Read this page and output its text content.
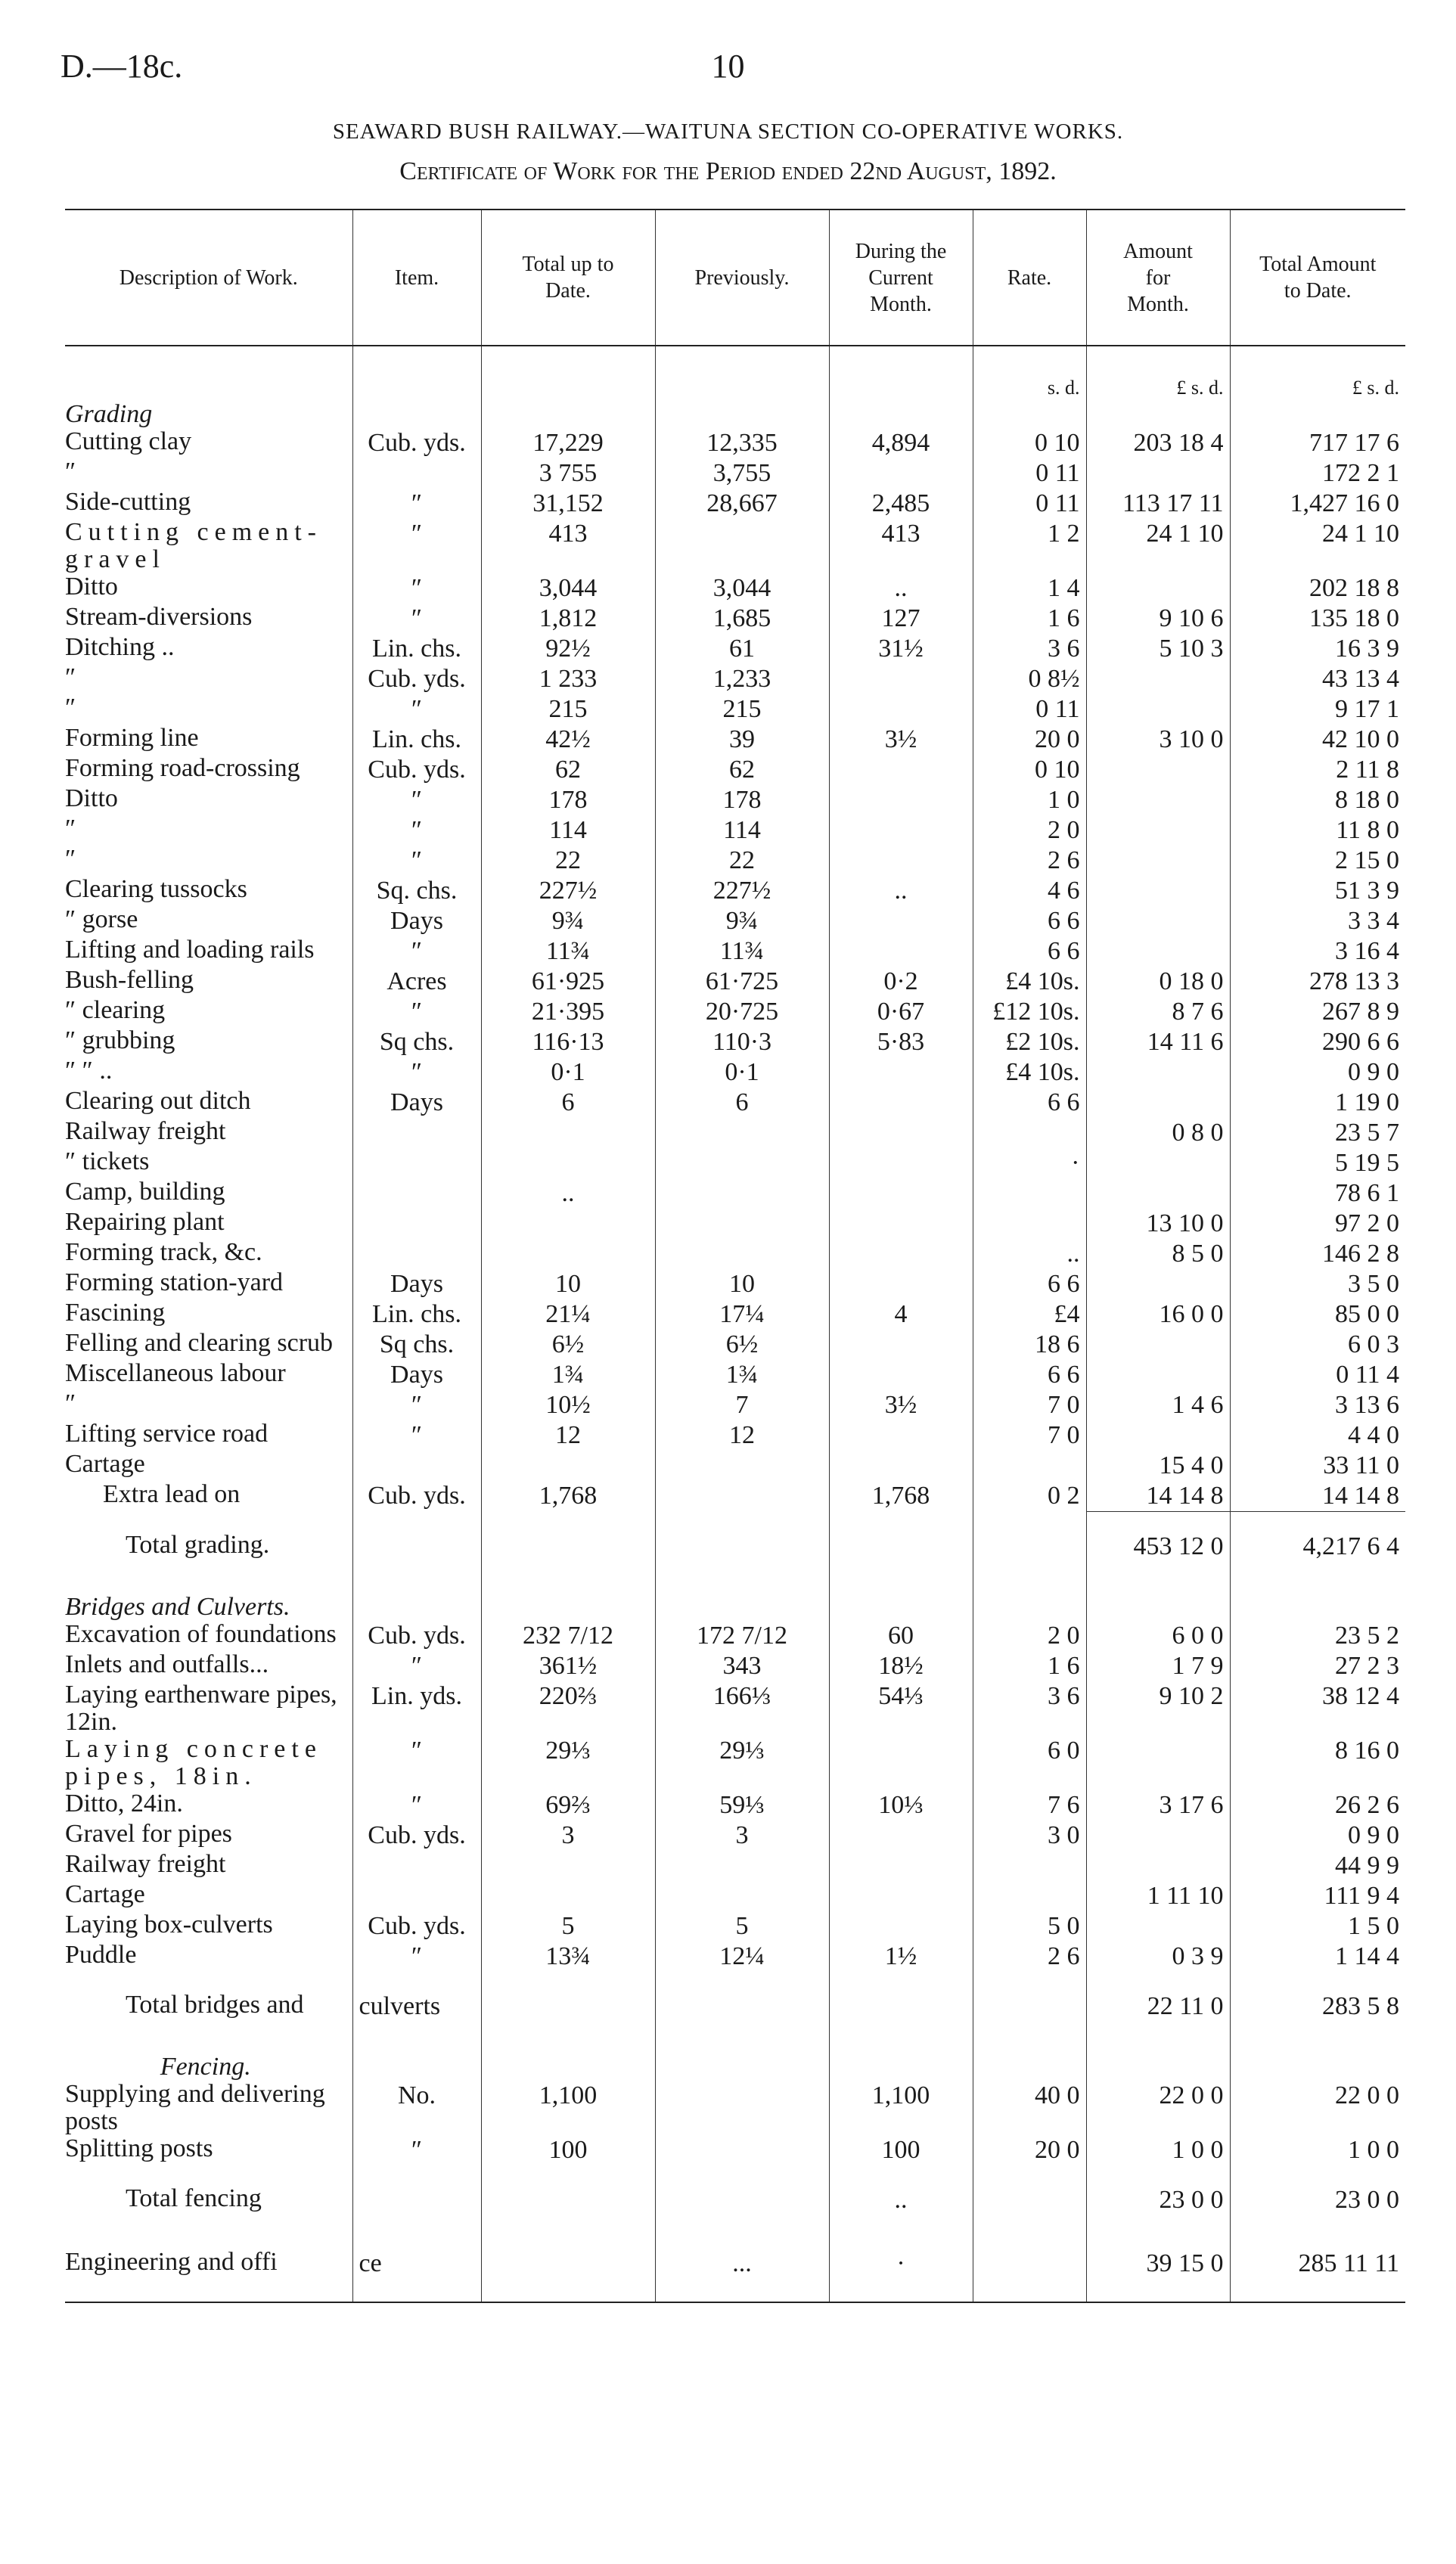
D.—18c.	10
SEAWARD BUSH RAILWAY.—WAITUNA SECTION CO-OPERATIVE WORKS.
Certificate of Work for the Period ended 22nd August, 1892.
Description of Work.	Item.	Total up to Date.	Previously.	During the Current Month.	Rate.	Amount for Month.	Total Amount to Date.
					s. d.	£ s. d.	£ s. d.
Grading							
Cutting clay	Cub. yds.	17,229	12,335	4,894	0 10	203 18 4	717 17 6
″		3 755	3,755		0 11		172 2 1
Side-cutting	″	31,152	28,667	2,485	0 11	113 17 11	1,427 16 0
Cutting cement-gravel	″	413		413	1 2	24 1 10	24 1 10
Ditto	″	3,044	3,044	..	1 4		202 18 8
Stream-diversions	″	1,812	1,685	127	1 6	9 10 6	135 18 0
Ditching ..	Lin. chs.	92½	61	31½	3 6	5 10 3	16 3 9
″	Cub. yds.	1 233	1,233		0 8½		43 13 4
″	″	215	215		0 11		9 17 1
Forming line	Lin. chs.	42½	39	3½	20 0	3 10 0	42 10 0
Forming road-crossing	Cub. yds.	62	62		0 10		2 11 8
Ditto	″	178	178		1 0		8 18 0
″	″	114	114		2 0		11 8 0
″	″	22	22		2 6		2 15 0
Clearing tussocks	Sq. chs.	227½	227½	..	4 6		51 3 9
″ gorse	Days	9¾	9¾		6 6		3 3 4
Lifting and loading rails	″	11¾	11¾		6 6		3 16 4
Bush-felling	Acres	61·925	61·725	0·2	£4 10s.	0 18 0	278 13 3
″ clearing	″	21·395	20·725	0·67	£12 10s.	8 7 6	267 8 9
″ grubbing	Sq chs.	116·13	110·3	5·83	£2 10s.	14 11 6	290 6 6
″ ″ ..	″	0·1	0·1		£4 10s.		0 9 0
Clearing out ditch	Days	6	6		6 6		1 19 0
Railway freight						0 8 0	23 5 7
″ tickets					·		5 19 5
Camp, building		..					78 6 1
Repairing plant						13 10 0	97 2 0
Forming track, &c.					..	8 5 0	146 2 8
Forming station-yard	Days	10	10		6 6		3 5 0
Fascining	Lin. chs.	21¼	17¼	4	£4	16 0 0	85 0 0
Felling and clearing scrub	Sq chs.	6½	6½		18 6		6 0 3
Miscellaneous labour	Days	1¾	1¾		6 6		0 11 4
″	″	10½	7	3½	7 0	1 4 6	3 13 6
Lifting service road	″	12	12		7 0		4 4 0
Cartage						15 4 0	33 11 0
Extra lead on	Cub. yds.	1,768		1,768	0 2	14 14 8	14 14 8
Total grading.						453 12 0	4,217 6 4
Bridges and Culverts.							
Excavation of foundations	Cub. yds.	232 7/12	172 7/12	60	2 0	6 0 0	23 5 2
Inlets and outfalls...	″	361½	343	18½	1 6	1 7 9	27 2 3
Laying earthenware pipes, 12in.	Lin. yds.	220⅔	166⅓	54⅓	3 6	9 10 2	38 12 4
Laying concrete pipes, 18in.	″	29⅓	29⅓		6 0		8 16 0
Ditto, 24in.	″	69⅔	59⅓	10⅓	7 6	3 17 6	26 2 6
Gravel for pipes	Cub. yds.	3	3		3 0		0 9 0
Railway freight							44 9 9
Cartage						1 11 10	111 9 4
Laying box-culverts	Cub. yds.	5	5		5 0		1 5 0
Puddle	″	13¾	12¼	1½	2 6	0 3 9	1 14 4
Total bridges and	culverts					22 11 0	283 5 8
Fencing.							
Supplying and delivering posts	No.	1,100		1,100	40 0	22 0 0	22 0 0
Splitting posts	″	100		100	20 0	1 0 0	1 0 0
Total fencing				..		23 0 0	23 0 0
Engineering and offi	ce		...	·		39 15 0	285 11 11
